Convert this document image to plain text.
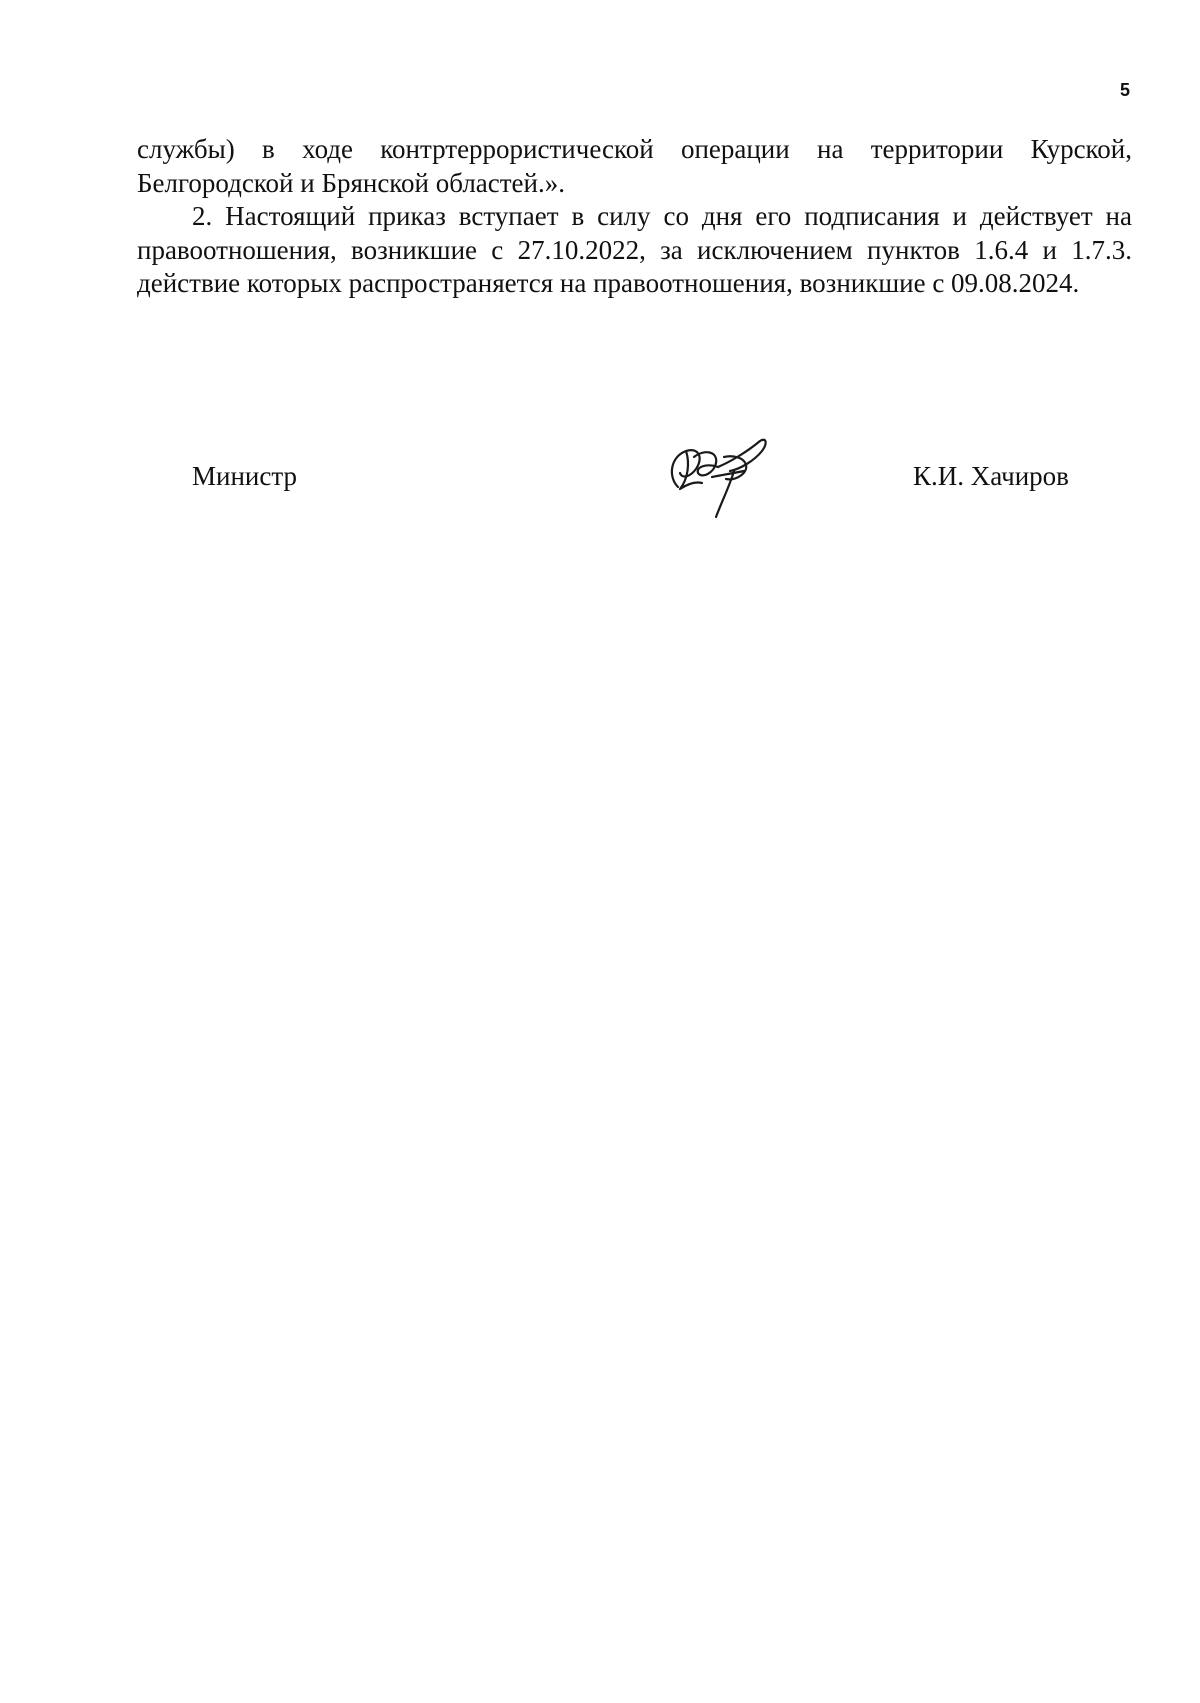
5

службы) в ходе контртеррористической операции на территории Курской, Белгородской и Брянской областей.».

2. Настоящий приказ вступает в силу со дня его подписания и действует на правоотношения, возникшие с 27.10.2022, за исключением пунктов 1.6.4 и 1.7.3. действие которых распространяется на правоотношения, возникшие с 09.08.2024.

Министр	К.И. Хачиров
